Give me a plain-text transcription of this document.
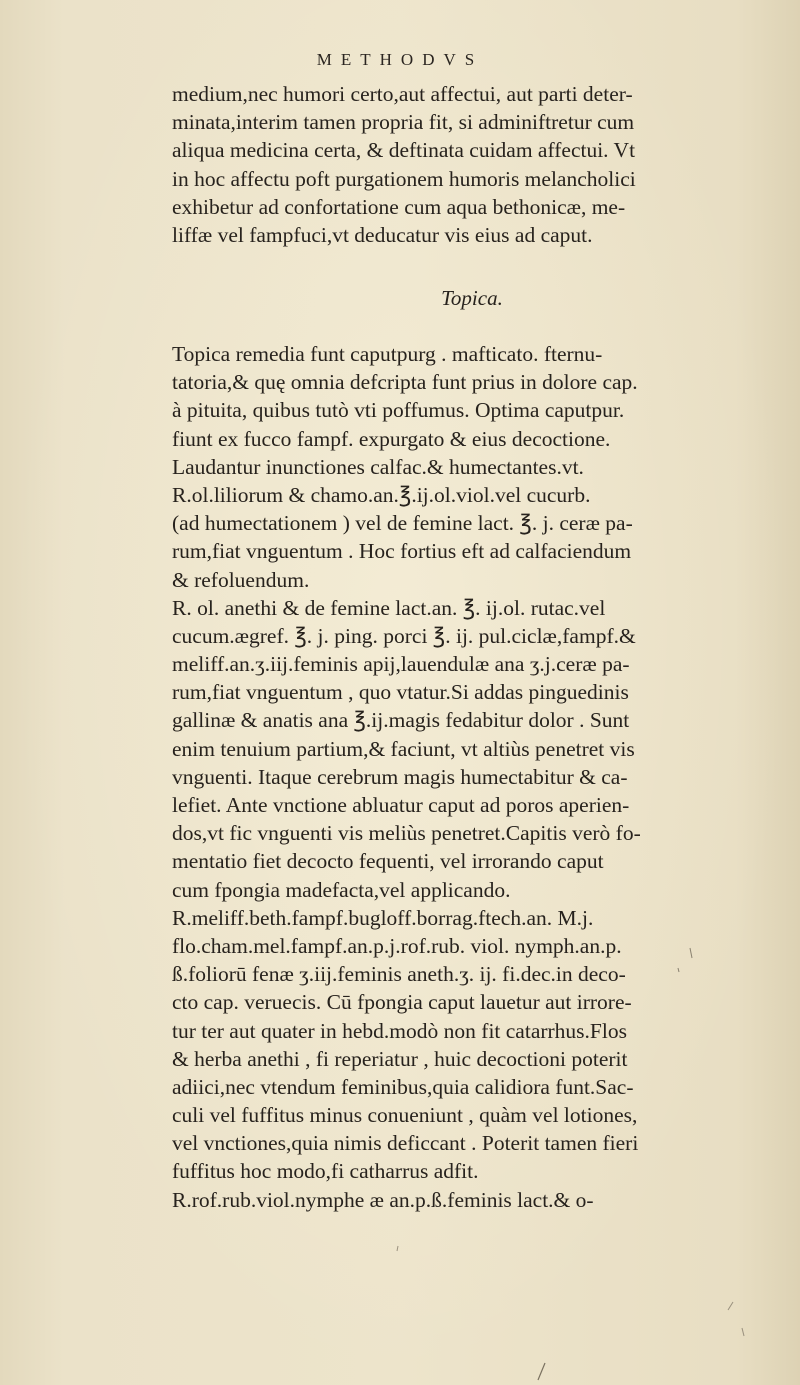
METHODVS
medium,nec humori certo,aut affectui, aut parti deter-
minata,interim tamen propria fit, si adminiftretur cum
aliqua medicina certa, & deftinata cuidam affectui. Vt
in hoc affectu poft purgationem humoris melancholici
exhibetur ad confortatione cum aqua bethonicæ, me-
liffæ vel fampfuci,vt deducatur vis eius ad caput.
Topica.
Topica remedia funt caputpurg . mafticato. fternu-
tatoria,& quę omnia defcripta funt prius in dolore cap.
à pituita, quibus tutò vti poffumus. Optima caputpur.
fiunt ex fucco fampf. expurgato & eius decoctione.
Laudantur inunctiones calfac.& humectantes.vt.
R.ol.liliorum & chamo.an.℥.ij.ol.viol.vel cucurb.
(ad humectationem ) vel de femine lact. ℥. j. ceræ pa-
rum,fiat vnguentum . Hoc fortius eft ad calfaciendum
& refoluendum.
R. ol. anethi & de femine lact.an. ℥. ij.ol. rutac.vel
cucum.ægref. ℥. j. ping. porci ℥. ij. pul.ciclæ,fampf.&
meliff.an.ʒ.iij.feminis apij,lauendulæ ana ʒ.j.ceræ pa-
rum,fiat vnguentum , quo vtatur.Si addas pinguedinis
gallinæ & anatis ana ℥.ij.magis fedabitur dolor . Sunt
enim tenuium partium,& faciunt, vt altiùs penetret vis
vnguenti. Itaque cerebrum magis humectabitur & ca-
lefiet. Ante vnctione abluatur caput ad poros aperien-
dos,vt fic vnguenti vis meliùs penetret.Capitis verò fo-
mentatio fiet decocto fequenti, vel irrorando caput
cum fpongia madefacta,vel applicando.
R.meliff.beth.fampf.bugloff.borrag.ftech.an. M.j.
flo.cham.mel.fampf.an.p.j.rof.rub. viol. nymph.an.p.
ß.foliorū fenæ ʒ.iij.feminis aneth.ʒ. ij. fi.dec.in deco-
cto cap. veruecis. Cū fpongia caput lauetur aut irrore-
tur ter aut quater in hebd.modò non fit catarrhus.Flos
& herba anethi , fi reperiatur , huic decoctioni poterit
adiici,nec vtendum feminibus,quia calidiora funt.Sac-
culi vel fuffitus minus conueniunt , quàm vel lotiones,
vel vnctiones,quia nimis deficcant . Poterit tamen fieri
fuffitus hoc modo,fi catharrus adfit.
R.rof.rub.viol.nymphe æ an.p.ß.feminis lact.& o-
